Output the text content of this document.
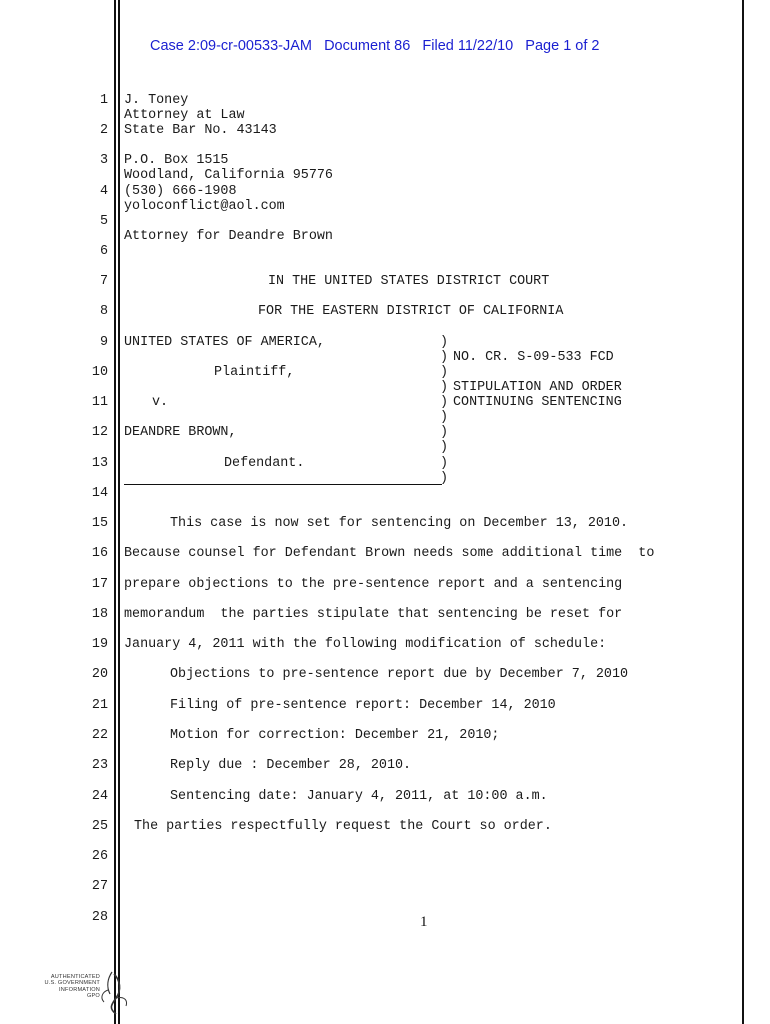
Case 2:09-cr-00533-JAM   Document 86   Filed 11/22/10   Page 1 of 2
1
2
3
4
5
6
7
8
9
10
11
12
13
14
15
16
17
18
19
20
21
22
23
24
25
26
27
28
J. Toney
Attorney at Law
State Bar No. 43143
P.O. Box 1515
Woodland, California 95776
(530) 666-1908
yoloconflict@aol.com
Attorney for Deandre Brown
IN THE UNITED STATES DISTRICT COURT
FOR THE EASTERN DISTRICT OF CALIFORNIA
UNITED STATES OF AMERICA,
Plaintiff,
v.
DEANDRE BROWN,
Defendant.
)
)
)
)
)
)
)
)
)
)
NO. CR. S-09-533 FCD
STIPULATION AND ORDER
CONTINUING SENTENCING
This case is now set for sentencing on December 13, 2010.
Because counsel for Defendant Brown needs some additional time  to
prepare objections to the pre-sentence report and a sentencing
memorandum  the parties stipulate that sentencing be reset for
January 4, 2011 with the following modification of schedule:
Objections to pre-sentence report due by December 7, 2010
Filing of pre-sentence report: December 14, 2010
Motion for correction: December 21, 2010;
Reply due : December 28, 2010.
Sentencing date: January 4, 2011, at 10:00 a.m.
The parties respectfully request the Court so order.
1
AUTHENTICATED
U.S. GOVERNMENT
INFORMATION
GPO
